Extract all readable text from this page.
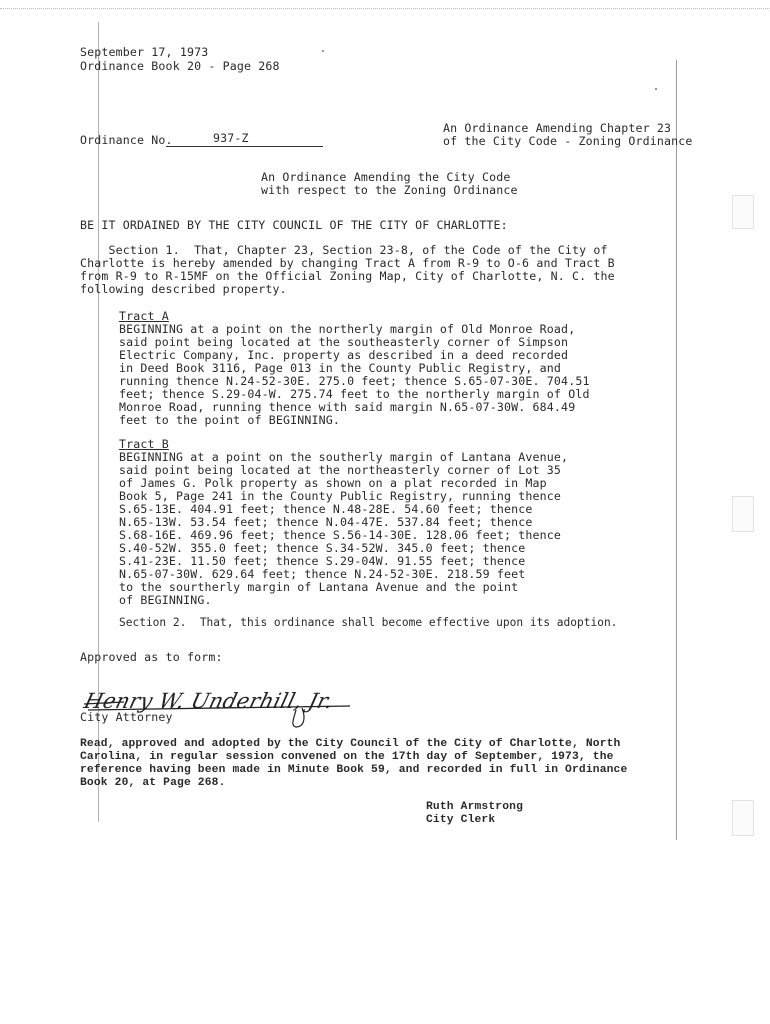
September 17, 1973
Ordinance Book 20 - Page 268
Ordinance No.	937-Z
An Ordinance Amending Chapter 23
of the City Code - Zoning Ordinance
An Ordinance Amending the City Code
with respect to the Zoning Ordinance
BE IT ORDAINED BY THE CITY COUNCIL OF THE CITY OF CHARLOTTE:
Section 1.  That, Chapter 23, Section 23-8, of the Code of the City of
Charlotte is hereby amended by changing Tract A from R-9 to O-6 and Tract B
from R-9 to R-15MF on the Official Zoning Map, City of Charlotte, N. C. the
following described property.
Tract A
BEGINNING at a point on the northerly margin of Old Monroe Road,
said point being located at the southeasterly corner of Simpson
Electric Company, Inc. property as described in a deed recorded
in Deed Book 3116, Page 013 in the County Public Registry, and
running thence N.24-52-30E. 275.0 feet; thence S.65-07-30E. 704.51
feet; thence S.29-04-W. 275.74 feet to the northerly margin of Old
Monroe Road, running thence with said margin N.65-07-30W. 684.49
feet to the point of BEGINNING.
Tract B
BEGINNING at a point on the southerly margin of Lantana Avenue,
said point being located at the northeasterly corner of Lot 35
of James G. Polk property as shown on a plat recorded in Map
Book 5, Page 241 in the County Public Registry, running thence
S.65-13E. 404.91 feet; thence N.48-28E. 54.60 feet; thence
N.65-13W. 53.54 feet; thence N.04-47E. 537.84 feet; thence
S.68-16E. 469.96 feet; thence S.56-14-30E. 128.06 feet; thence
S.40-52W. 355.0 feet; thence S.34-52W. 345.0 feet; thence
S.41-23E. 11.50 feet; thence S.29-04W. 91.55 feet; thence
N.65-07-30W. 629.64 feet; thence N.24-52-30E. 218.59 feet
to the sourtherly margin of Lantana Avenue and the point
of BEGINNING.
Section 2.  That, this ordinance shall become effective upon its adoption.
Approved as to form:
Henry W. Underhill, Jr.
City Attorney
Read, approved and adopted by the City Council of the City of Charlotte, North
Carolina, in regular session convened on the 17th day of September, 1973, the
reference having been made in Minute Book 59, and recorded in full in Ordinance
Book 20, at Page 268.
Ruth Armstrong
City Clerk
